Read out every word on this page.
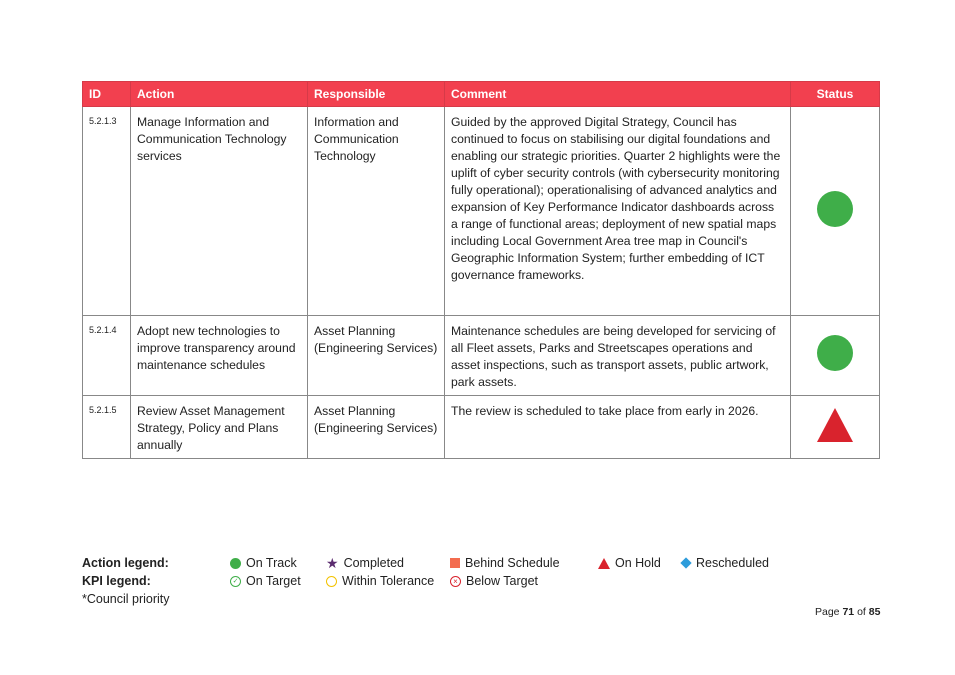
ID	Action	Responsible	Comment	Status
5.2.1.3	Manage Information and Communication Technology services	Information and Communication Technology	Guided by the approved Digital Strategy, Council has continued to focus on stabilising our digital foundations and enabling our strategic priorities. Quarter 2 highlights were the uplift of cyber security controls (with cybersecurity monitoring fully operational); operationalising of advanced analytics and expansion of Key Performance Indicator dashboards across a range of functional areas; deployment of new spatial maps including Local Government Area tree map in Council's Geographic Information System; further embedding of ICT governance frameworks.	
5.2.1.4	Adopt new technologies to improve transparency around maintenance schedules	Asset Planning (Engineering Services)	Maintenance schedules are being developed for servicing of all Fleet assets, Parks and Streetscapes operations and asset inspections, such as transport assets, public artwork, park assets.	
5.2.1.5	Review Asset Management Strategy, Policy and Plans annually	Asset Planning (Engineering Services)	The review is scheduled to take place from early in 2026.	
Action legend:
KPI legend:
On Track ★ Completed	Behind Schedule	On Hold	Rescheduled
✓ On Target	Within Tolerance	× Below Target
*Council priority
Page 71 of 85
